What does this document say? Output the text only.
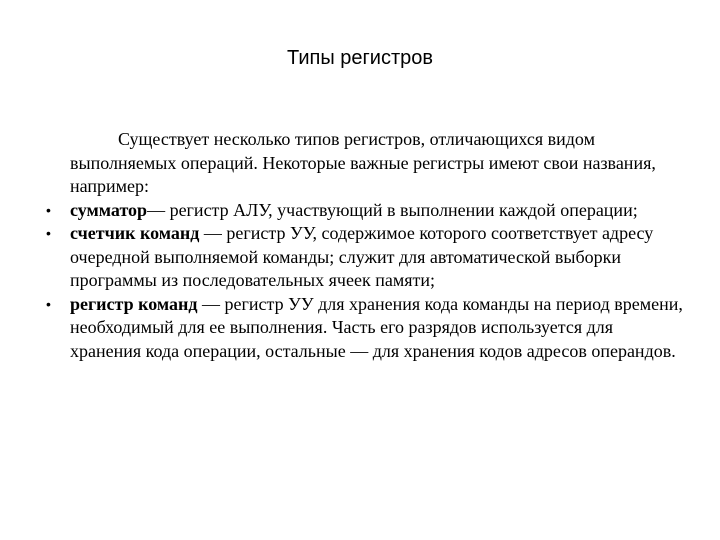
Типы регистров

Существует несколько типов регистров, отличающихся видом выполняемых операций. Некоторые важные регистры имеют свои названия, например:

•	сумматор— регистр АЛУ, участвующий в выполнении каждой операции;
•	счетчик команд — регистр УУ, содержимое которого соответствует адресу очередной выполняемой команды; служит для автоматической выборки программы из последовательных ячеек памяти;
•	регистр команд — регистр УУ для хранения кода команды на период времени, необходимый для ее выполнения. Часть его разрядов используется для хранения кода операции, остальные — для хранения кодов адресов операндов.
